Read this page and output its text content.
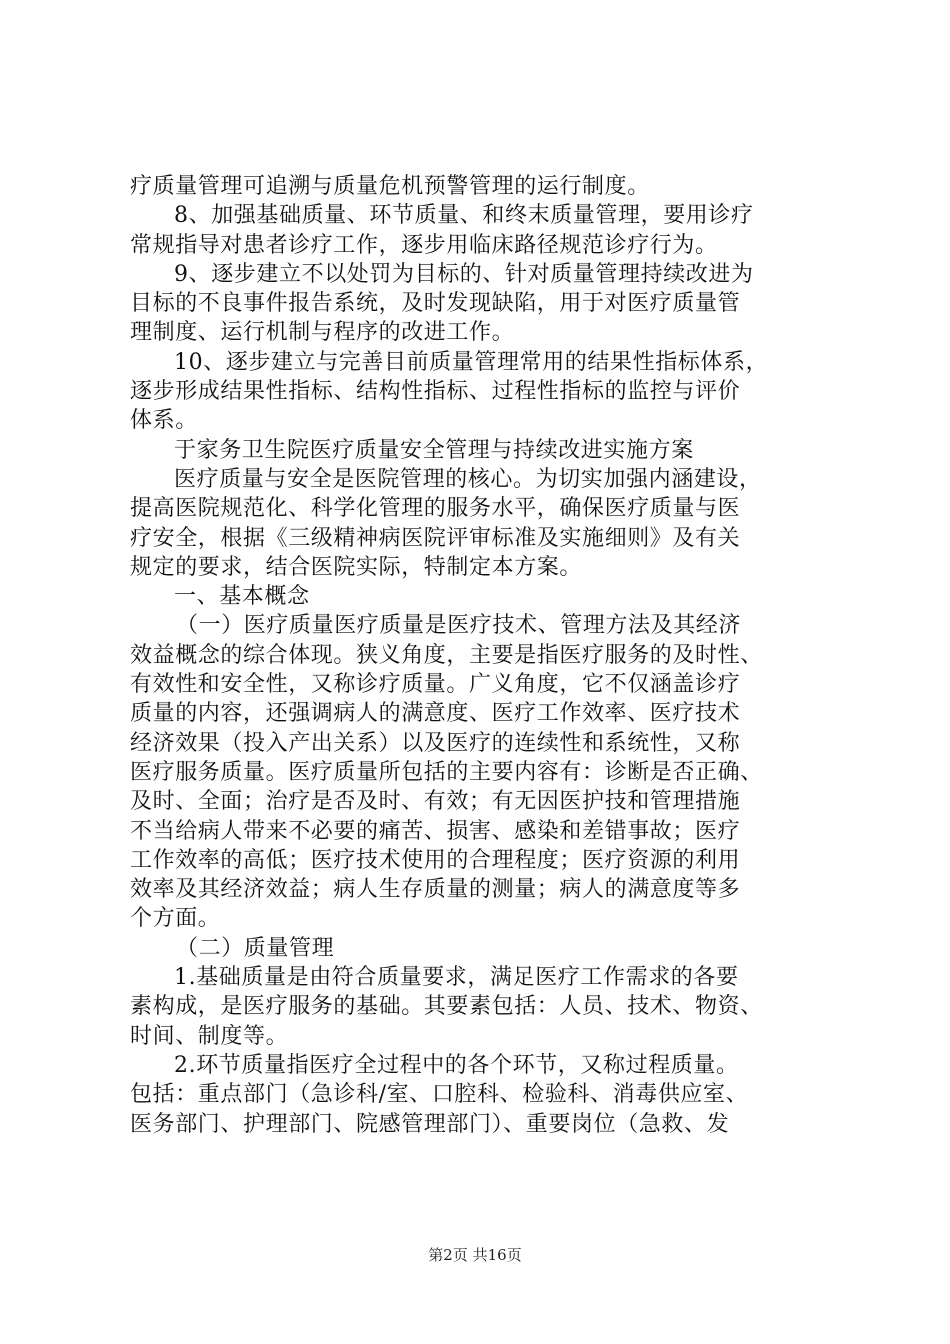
疗质量管理可追溯与质量危机预警管理的运行制度。
8、加强基础质量、环节质量、和终末质量管理，要用诊疗
常规指导对患者诊疗工作，逐步用临床路径规范诊疗行为。
9、逐步建立不以处罚为目标的、针对质量管理持续改进为
目标的不良事件报告系统，及时发现缺陷，用于对医疗质量管
理制度、运行机制与程序的改进工作。
10、逐步建立与完善目前质量管理常用的结果性指标体系，
逐步形成结果性指标、结构性指标、过程性指标的监控与评价
体系。
于家务卫生院医疗质量安全管理与持续改进实施方案
医疗质量与安全是医院管理的核心。为切实加强内涵建设，
提高医院规范化、科学化管理的服务水平，确保医疗质量与医
疗安全，根据《三级精神病医院评审标准及实施细则》及有关
规定的要求，结合医院实际，特制定本方案。
一、基本概念
（一）医疗质量医疗质量是医疗技术、管理方法及其经济
效益概念的综合体现。狭义角度，主要是指医疗服务的及时性、
有效性和安全性，又称诊疗质量。广义角度，它不仅涵盖诊疗
质量的内容，还强调病人的满意度、医疗工作效率、医疗技术
经济效果（投入产出关系）以及医疗的连续性和系统性，又称
医疗服务质量。医疗质量所包括的主要内容有：诊断是否正确、
及时、全面；治疗是否及时、有效；有无因医护技和管理措施
不当给病人带来不必要的痛苦、损害、感染和差错事故；医疗
工作效率的高低；医疗技术使用的合理程度；医疗资源的利用
效率及其经济效益；病人生存质量的测量；病人的满意度等多
个方面。
（二）质量管理
1.基础质量是由符合质量要求，满足医疗工作需求的各要
素构成，是医疗服务的基础。其要素包括：人员、技术、物资、
时间、制度等。
2.环节质量指医疗全过程中的各个环节，又称过程质量。
包括：重点部门（急诊科/室、口腔科、检验科、消毒供应室、
医务部门、护理部门、院感管理部门）、重要岗位（急救、发
第2页 共16页
